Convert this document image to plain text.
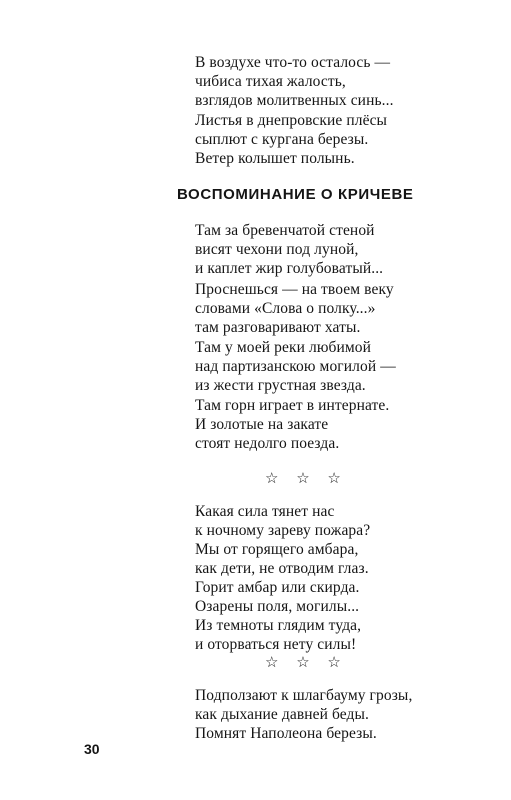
В воздухе что-то осталось —
чибиса тихая жалость,
взглядов молитвенных синь...
Листья в днепровские плёсы
сыплют с кургана березы.
Ветер колышет полынь.
ВОСПОМИНАНИЕ О КРИЧЕВЕ
Там за бревенчатой стеной
висят чехони под луной,
и каплет жир голубоватый...
Проснешься — на твоем веку
словами «Слова о полку...»
там разговаривают хаты.
Там у моей реки любимой
над партизанскою могилой —
из жести грустная звезда.
Там горн играет в интернате.
И золотые на закате
стоят недолго поезда.
☆ ☆ ☆
Какая сила тянет нас
к ночному зареву пожара?
Мы от горящего амбара,
как дети, не отводим глаз.
Горит амбар или скирда.
Озарены поля, могилы...
Из темноты глядим туда,
и оторваться нету силы!
☆ ☆ ☆
Подползают к шлагбауму грозы,
как дыхание давней беды.
Помнят Наполеона березы.
30
